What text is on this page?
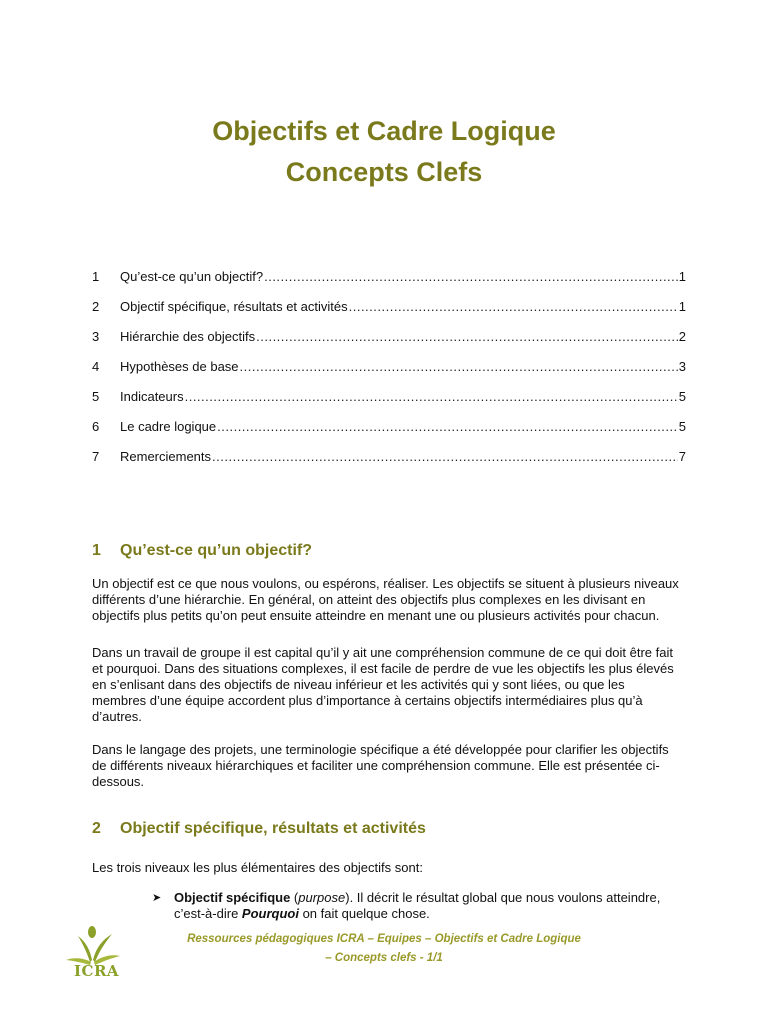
Objectifs et Cadre Logique
Concepts Clefs
1	Qu’est-ce qu’un objectif? .....	1
2	Objectif spécifique, résultats et activités .....	1
3	Hiérarchie des objectifs .....	2
4	Hypothèses de base .....	3
5	Indicateurs .....	5
6	Le cadre logique .....	5
7	Remerciements .....	7
1	Qu’est-ce qu’un objectif?

Un objectif est ce que nous voulons, ou espérons, réaliser. Les objectifs se situent à plusieurs niveaux différents d’une hiérarchie. En général, on atteint des objectifs plus complexes en les divisant en objectifs plus petits qu’on peut ensuite atteindre en menant une ou plusieurs activités pour chacun.

Dans un travail de groupe il est capital qu’il y ait une compréhension commune de ce qui doit être fait et pourquoi. Dans des situations complexes, il est facile de perdre de vue les objectifs les plus élevés en s’enlisant dans des objectifs de niveau inférieur et les activités qui y sont liées, ou que les membres d’une équipe accordent plus d’importance à certains objectifs intermédiaires plus qu’à d’autres.

Dans le langage des projets, une terminologie spécifique a été développée pour clarifier les objectifs de différents niveaux hiérarchiques et faciliter une compréhension commune. Elle est présentée ci-dessous.

2	Objectif spécifique, résultats et activités

Les trois niveaux les plus élémentaires des objectifs sont:

➤ Objectif spécifique (purpose). Il décrit le résultat global que nous voulons atteindre, c’est-à-dire Pourquoi on fait quelque chose.
ICRA
Ressources pédagogiques ICRA – Equipes – Objectifs et Cadre Logique
– Concepts clefs - 1/1
